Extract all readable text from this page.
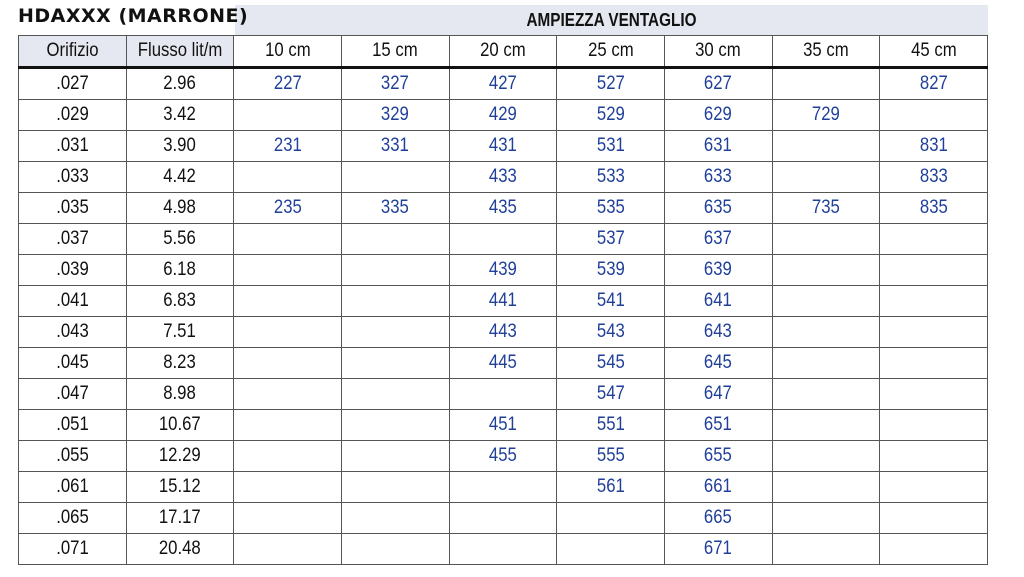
HDAXXX (MARRONE)	AMPIEZZA VENTAGLIO
Orifizio	Flusso lit/m	10 cm	15 cm	20 cm	25 cm	30 cm	35 cm	45 cm
.027	2.96	227	327	427	527	627		827
.029	3.42		329	429	529	629	729	
.031	3.90	231	331	431	531	631		831
.033	4.42			433	533	633		833
.035	4.98	235	335	435	535	635	735	835
.037	5.56				537	637		
.039	6.18			439	539	639		
.041	6.83			441	541	641		
.043	7.51			443	543	643		
.045	8.23			445	545	645		
.047	8.98				547	647		
.051	10.67			451	551	651		
.055	12.29			455	555	655		
.061	15.12				561	661		
.065	17.17					665		
.071	20.48					671		
